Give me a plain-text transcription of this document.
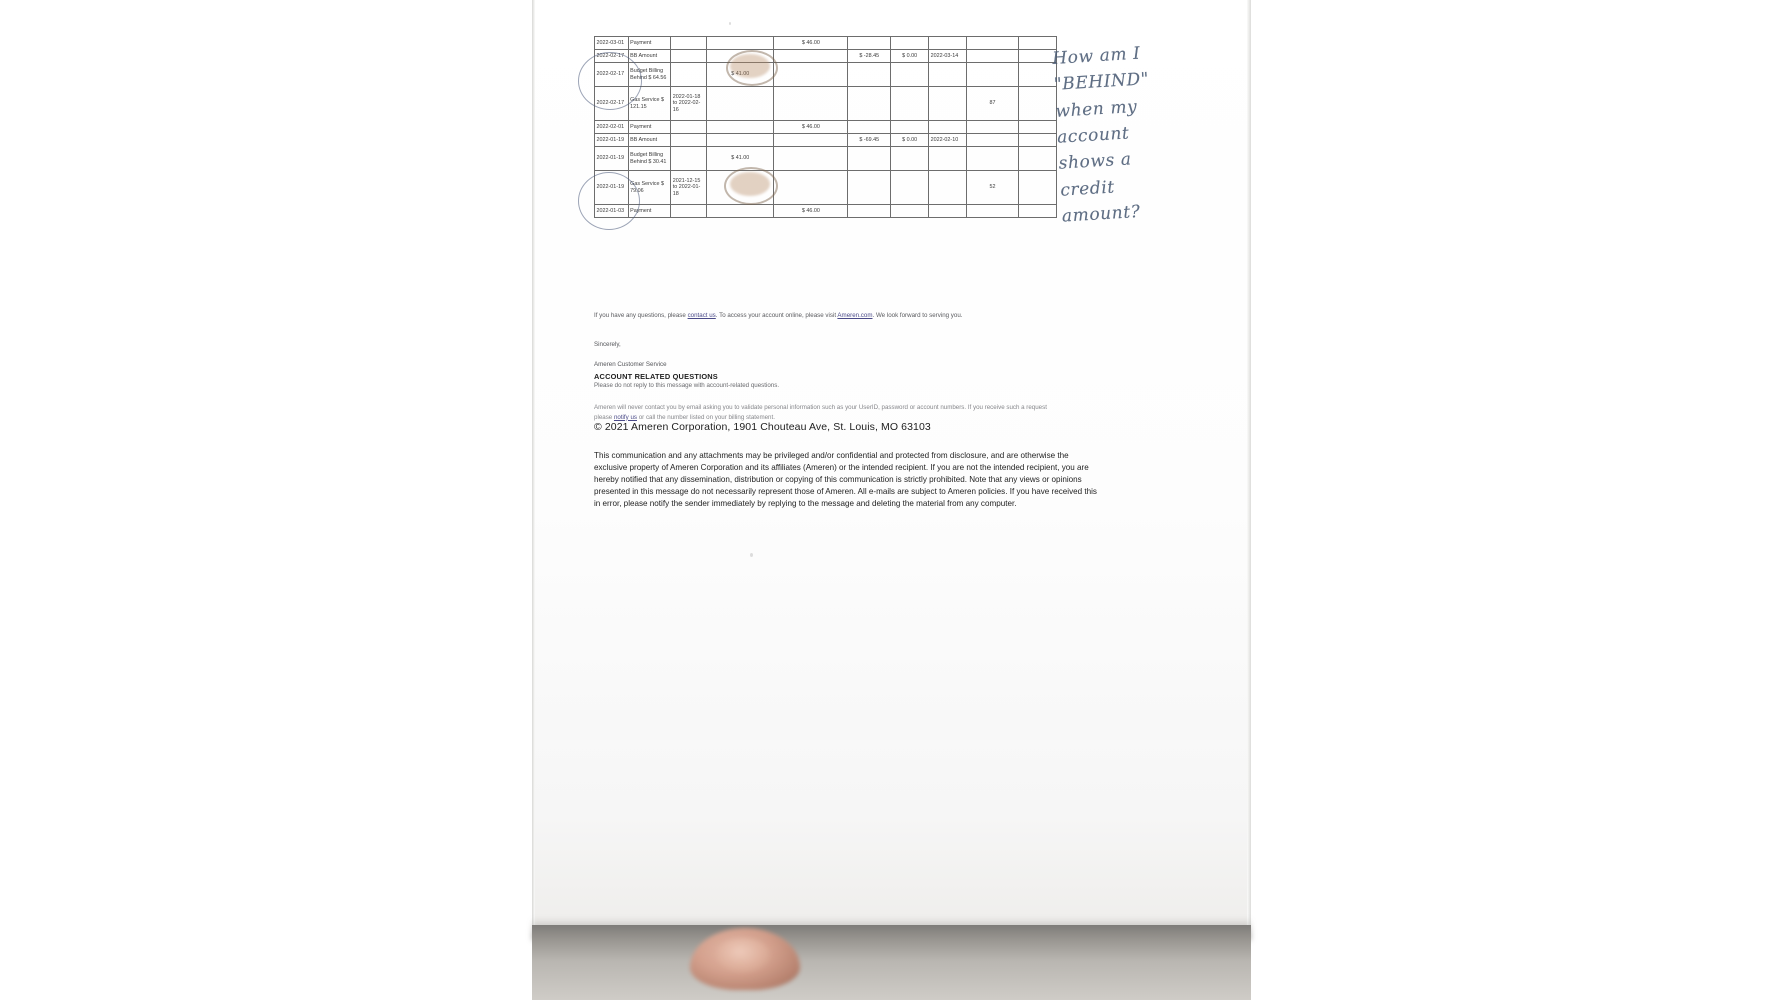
2022-03-01	Payment			$ 46.00					
2022-02-17	BB Amount				$ -28.45	$ 0.00	2022-03-14		
2022-02-17	Budget Billing Behind $ 64.56		$ 41.00						
2022-02-17	Gas Service $ 121.15	2022-01-18 to 2022-02-16						87	
2022-02-01	Payment			$ 46.00					
2022-01-19	BB Amount				$ -69.45	$ 0.00	2022-02-10		
2022-01-19	Budget Billing Behind $ 30.41		$ 41.00						
2022-01-19	Gas Service $ 79.06	2021-12-15 to 2022-01-18						52	
2022-01-03	Payment			$ 46.00					
How am I
"BEHIND"
when my
account
shows a
credit
amount?
If you have any questions, please contact us. To access your account online, please visit Ameren.com. We look forward to serving you.
Sincerely,
Ameren Customer Service
ACCOUNT RELATED QUESTIONS
Please do not reply to this message with account-related questions.
Ameren will never contact you by email asking you to validate personal information such as your UserID, password or account numbers. If you receive such a request please notify us or call the number listed on your billing statement.
© 2021 Ameren Corporation, 1901 Chouteau Ave, St. Louis, MO 63103
This communication and any attachments may be privileged and/or confidential and protected from disclosure, and are otherwise the exclusive property of Ameren Corporation and its affiliates (Ameren) or the intended recipient. If you are not the intended recipient, you are hereby notified that any dissemination, distribution or copying of this communication is strictly prohibited. Note that any views or opinions presented in this message do not necessarily represent those of Ameren. All e-mails are subject to Ameren policies. If you have received this in error, please notify the sender immediately by replying to the message and deleting the material from any computer.
